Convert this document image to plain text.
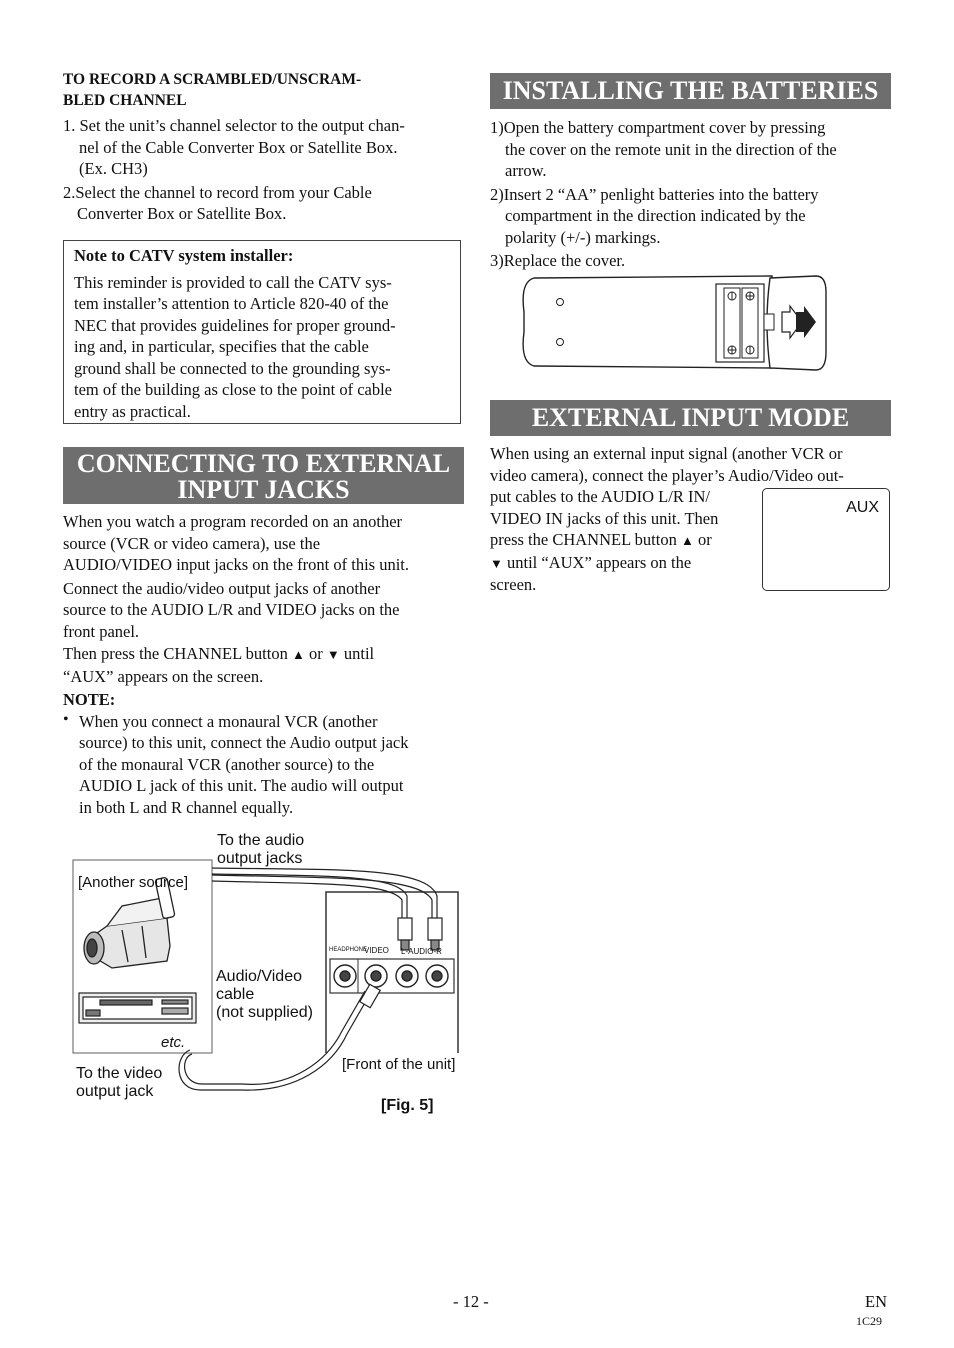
TO RECORD A SCRAMBLED/UNSCRAM-

BLED CHANNEL

1. Set the unit’s channel selector to the output chan-

nel of the Cable Converter Box or Satellite Box.

(Ex. CH3)

2.Select the channel to record from your Cable

Converter Box or Satellite Box.

Note to CATV system installer:

This reminder is provided to call the CATV sys-

tem installer’s attention to Article 820-40 of the

NEC that provides guidelines for proper ground-

ing and, in particular, specifies that the cable

ground shall be connected to the grounding sys-

tem of the building as close to the point of cable

entry as practical.

CONNECTING TO EXTERNAL
INPUT JACKS

When you watch a program recorded on an another

source (VCR or video camera), use the

AUDIO/VIDEO input jacks on the front of this unit.

Connect the audio/video output jacks of another

source to the AUDIO L/R and VIDEO jacks on the

front panel.

Then press the CHANNEL button ▲ or ▼ until

“AUX” appears on the screen.

NOTE:

• When you connect a monaural VCR (another

source) to this unit, connect the Audio output jack

of the monaural VCR (another source) to the

AUDIO L jack of this unit. The audio will output

in both L and R channel equally.

To the audio
output jacks
[Another source]
Audio/Video
cable
(not supplied)
etc.
To the video
output jack
[Front of the unit]
HEADPHONE
VIDEO L-AUDIO-R
[Fig. 5]
INSTALLING THE BATTERIES

1)Open the battery compartment cover by pressing

the cover on the remote unit in the direction of the

arrow.

2)Insert 2 “AA” penlight batteries into the battery

compartment in the direction indicated by the

polarity (+/-) markings.

3)Replace the cover.

EXTERNAL INPUT MODE

When using an external input signal (another VCR or

video camera), connect the player’s Audio/Video out-

put cables to the AUDIO L/R IN/

VIDEO IN jacks of this unit. Then

press the CHANNEL button ▲ or

▼ until “AUX” appears on the

screen.

AUX
- 12 -	EN
1C29
